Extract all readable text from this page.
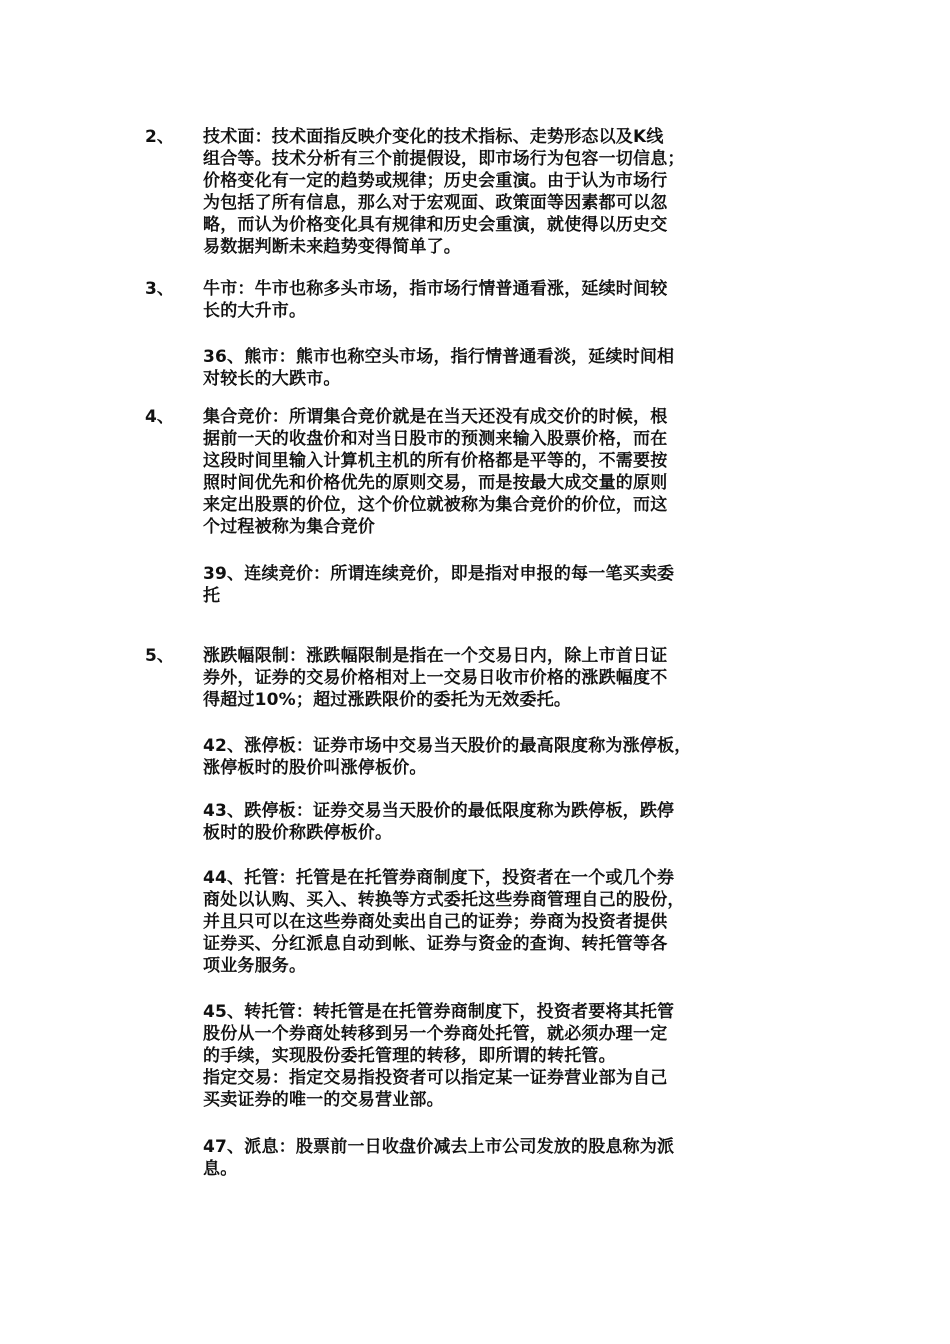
2、 技术面：技术面指反映介变化的技术指标、走势形态以及K线
组合等。技术分析有三个前提假设，即市场行为包容一切信息；
价格变化有一定的趋势或规律；历史会重演。由于认为市场行
为包括了所有信息，那么对于宏观面、政策面等因素都可以忽
略，而认为价格变化具有规律和历史会重演，就使得以历史交
易数据判断未来趋势变得简单了。
3、 牛市：牛市也称多头市场，指市场行情普通看涨，延续时间较
长的大升市。
36、熊市：熊市也称空头市场，指行情普通看淡，延续时间相
对较长的大跌市。
4、 集合竞价：所谓集合竞价就是在当天还没有成交价的时候，根
据前一天的收盘价和对当日股市的预测来输入股票价格，而在
这段时间里输入计算机主机的所有价格都是平等的，不需要按
照时间优先和价格优先的原则交易，而是按最大成交量的原则
来定出股票的价位，这个价位就被称为集合竞价的价位，而这
个过程被称为集合竞价
39、连续竞价：所谓连续竞价，即是指对申报的每一笔买卖委
托
5、 涨跌幅限制：涨跌幅限制是指在一个交易日内，除上市首日证
券外，证券的交易价格相对上一交易日收市价格的涨跌幅度不
得超过10%；超过涨跌限价的委托为无效委托。
42、涨停板：证券市场中交易当天股价的最高限度称为涨停板，
涨停板时的股价叫涨停板价。
43、跌停板：证券交易当天股价的最低限度称为跌停板，跌停
板时的股价称跌停板价。
44、托管：托管是在托管券商制度下，投资者在一个或几个券
商处以认购、买入、转换等方式委托这些券商管理自己的股份，
并且只可以在这些券商处卖出自己的证券；券商为投资者提供
证券买、分红派息自动到帐、证券与资金的查询、转托管等各
项业务服务。
45、转托管：转托管是在托管券商制度下，投资者要将其托管
股份从一个券商处转移到另一个券商处托管，就必须办理一定
的手续，实现股份委托管理的转移，即所谓的转托管。
指定交易：指定交易指投资者可以指定某一证券营业部为自己
买卖证券的唯一的交易营业部。
47、派息：股票前一日收盘价减去上市公司发放的股息称为派
息。
